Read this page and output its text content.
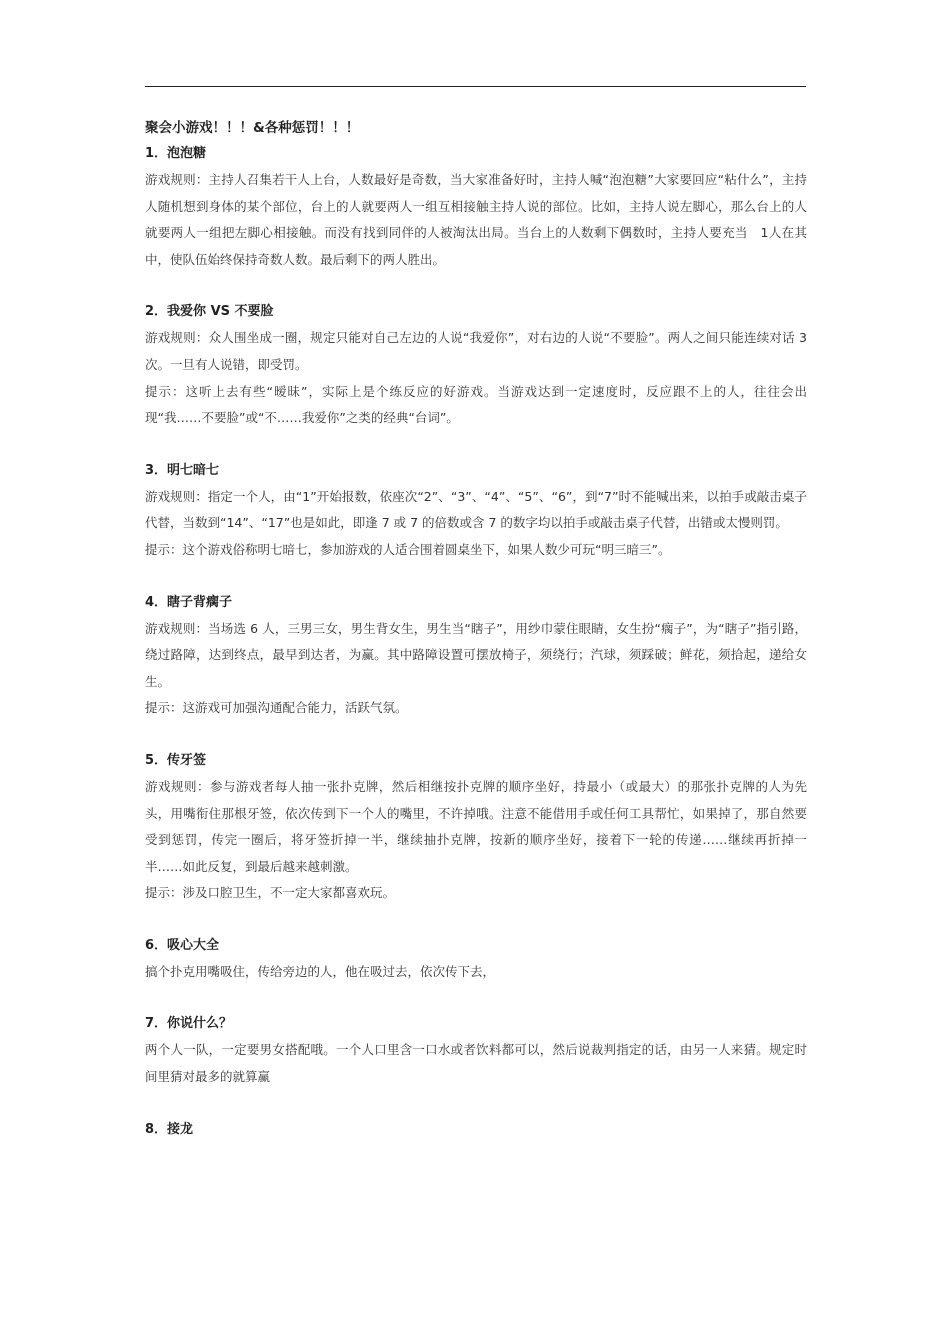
聚会小游戏！！！&各种惩罚！！！

1．泡泡糖

游戏规则：主持人召集若干人上台，人数最好是奇数，当大家准备好时，主持人喊“泡泡糖”大家要回应“粘什么”，主持人随机想到身体的某个部位，台上的人就要两人一组互相接触主持人说的部位。比如，主持人说左脚心，那么台上的人就要两人一组把左脚心相接触。而没有找到同伴的人被淘汰出局。当台上的人数剩下偶数时，主持人要充当　1人在其中，使队伍始终保持奇数人数。最后剩下的两人胜出。

2．我爱你 VS 不要脸

游戏规则：众人围坐成一圈，规定只能对自己左边的人说“我爱你”，对右边的人说“不要脸”。两人之间只能连续对话 3 次。一旦有人说错，即受罚。

提示：这听上去有些“暧昧”，实际上是个练反应的好游戏。当游戏达到一定速度时，反应跟不上的人，往往会出现“我……不要脸”或“不……我爱你”之类的经典“台词”。

3．明七暗七

游戏规则：指定一个人，由“1”开始报数，依座次“2”、“3”、“4”、“5”、“6”，到“7”时不能喊出来，以拍手或敲击桌子代替，当数到“14”、“17”也是如此，即逢 7 或 7 的倍数或含 7 的数字均以拍手或敲击桌子代替，出错或太慢则罚。

提示：这个游戏俗称明七暗七，参加游戏的人适合围着圆桌坐下，如果人数少可玩“明三暗三”。

4．瞎子背瘸子

游戏规则：当场选 6 人，三男三女，男生背女生，男生当“瞎子”，用纱巾蒙住眼睛，女生扮“瘸子”，为“瞎子”指引路，绕过路障，达到终点，最早到达者，为赢。其中路障设置可摆放椅子，须绕行；汽球，须踩破；鲜花，须拾起，递给女生。

提示：这游戏可加强沟通配合能力，活跃气氛。

5．传牙签

游戏规则：参与游戏者每人抽一张扑克牌，然后相继按扑克牌的顺序坐好，持最小（或最大）的那张扑克牌的人为先头，用嘴衔住那根牙签，依次传到下一个人的嘴里，不许掉哦。注意不能借用手或任何工具帮忙，如果掉了，那自然要受到惩罚，传完一圈后，将牙签折掉一半，继续抽扑克牌，按新的顺序坐好，接着下一轮的传递……继续再折掉一半……如此反复，到最后越来越刺激。

提示：涉及口腔卫生，不一定大家都喜欢玩。

6．吸心大全

搞个扑克用嘴吸住，传给旁边的人，他在吸过去，依次传下去，

7．你说什么？

两个人一队，一定要男女搭配哦。一个人口里含一口水或者饮料都可以，然后说裁判指定的话，由另一人来猜。规定时间里猜对最多的就算赢

8．接龙
